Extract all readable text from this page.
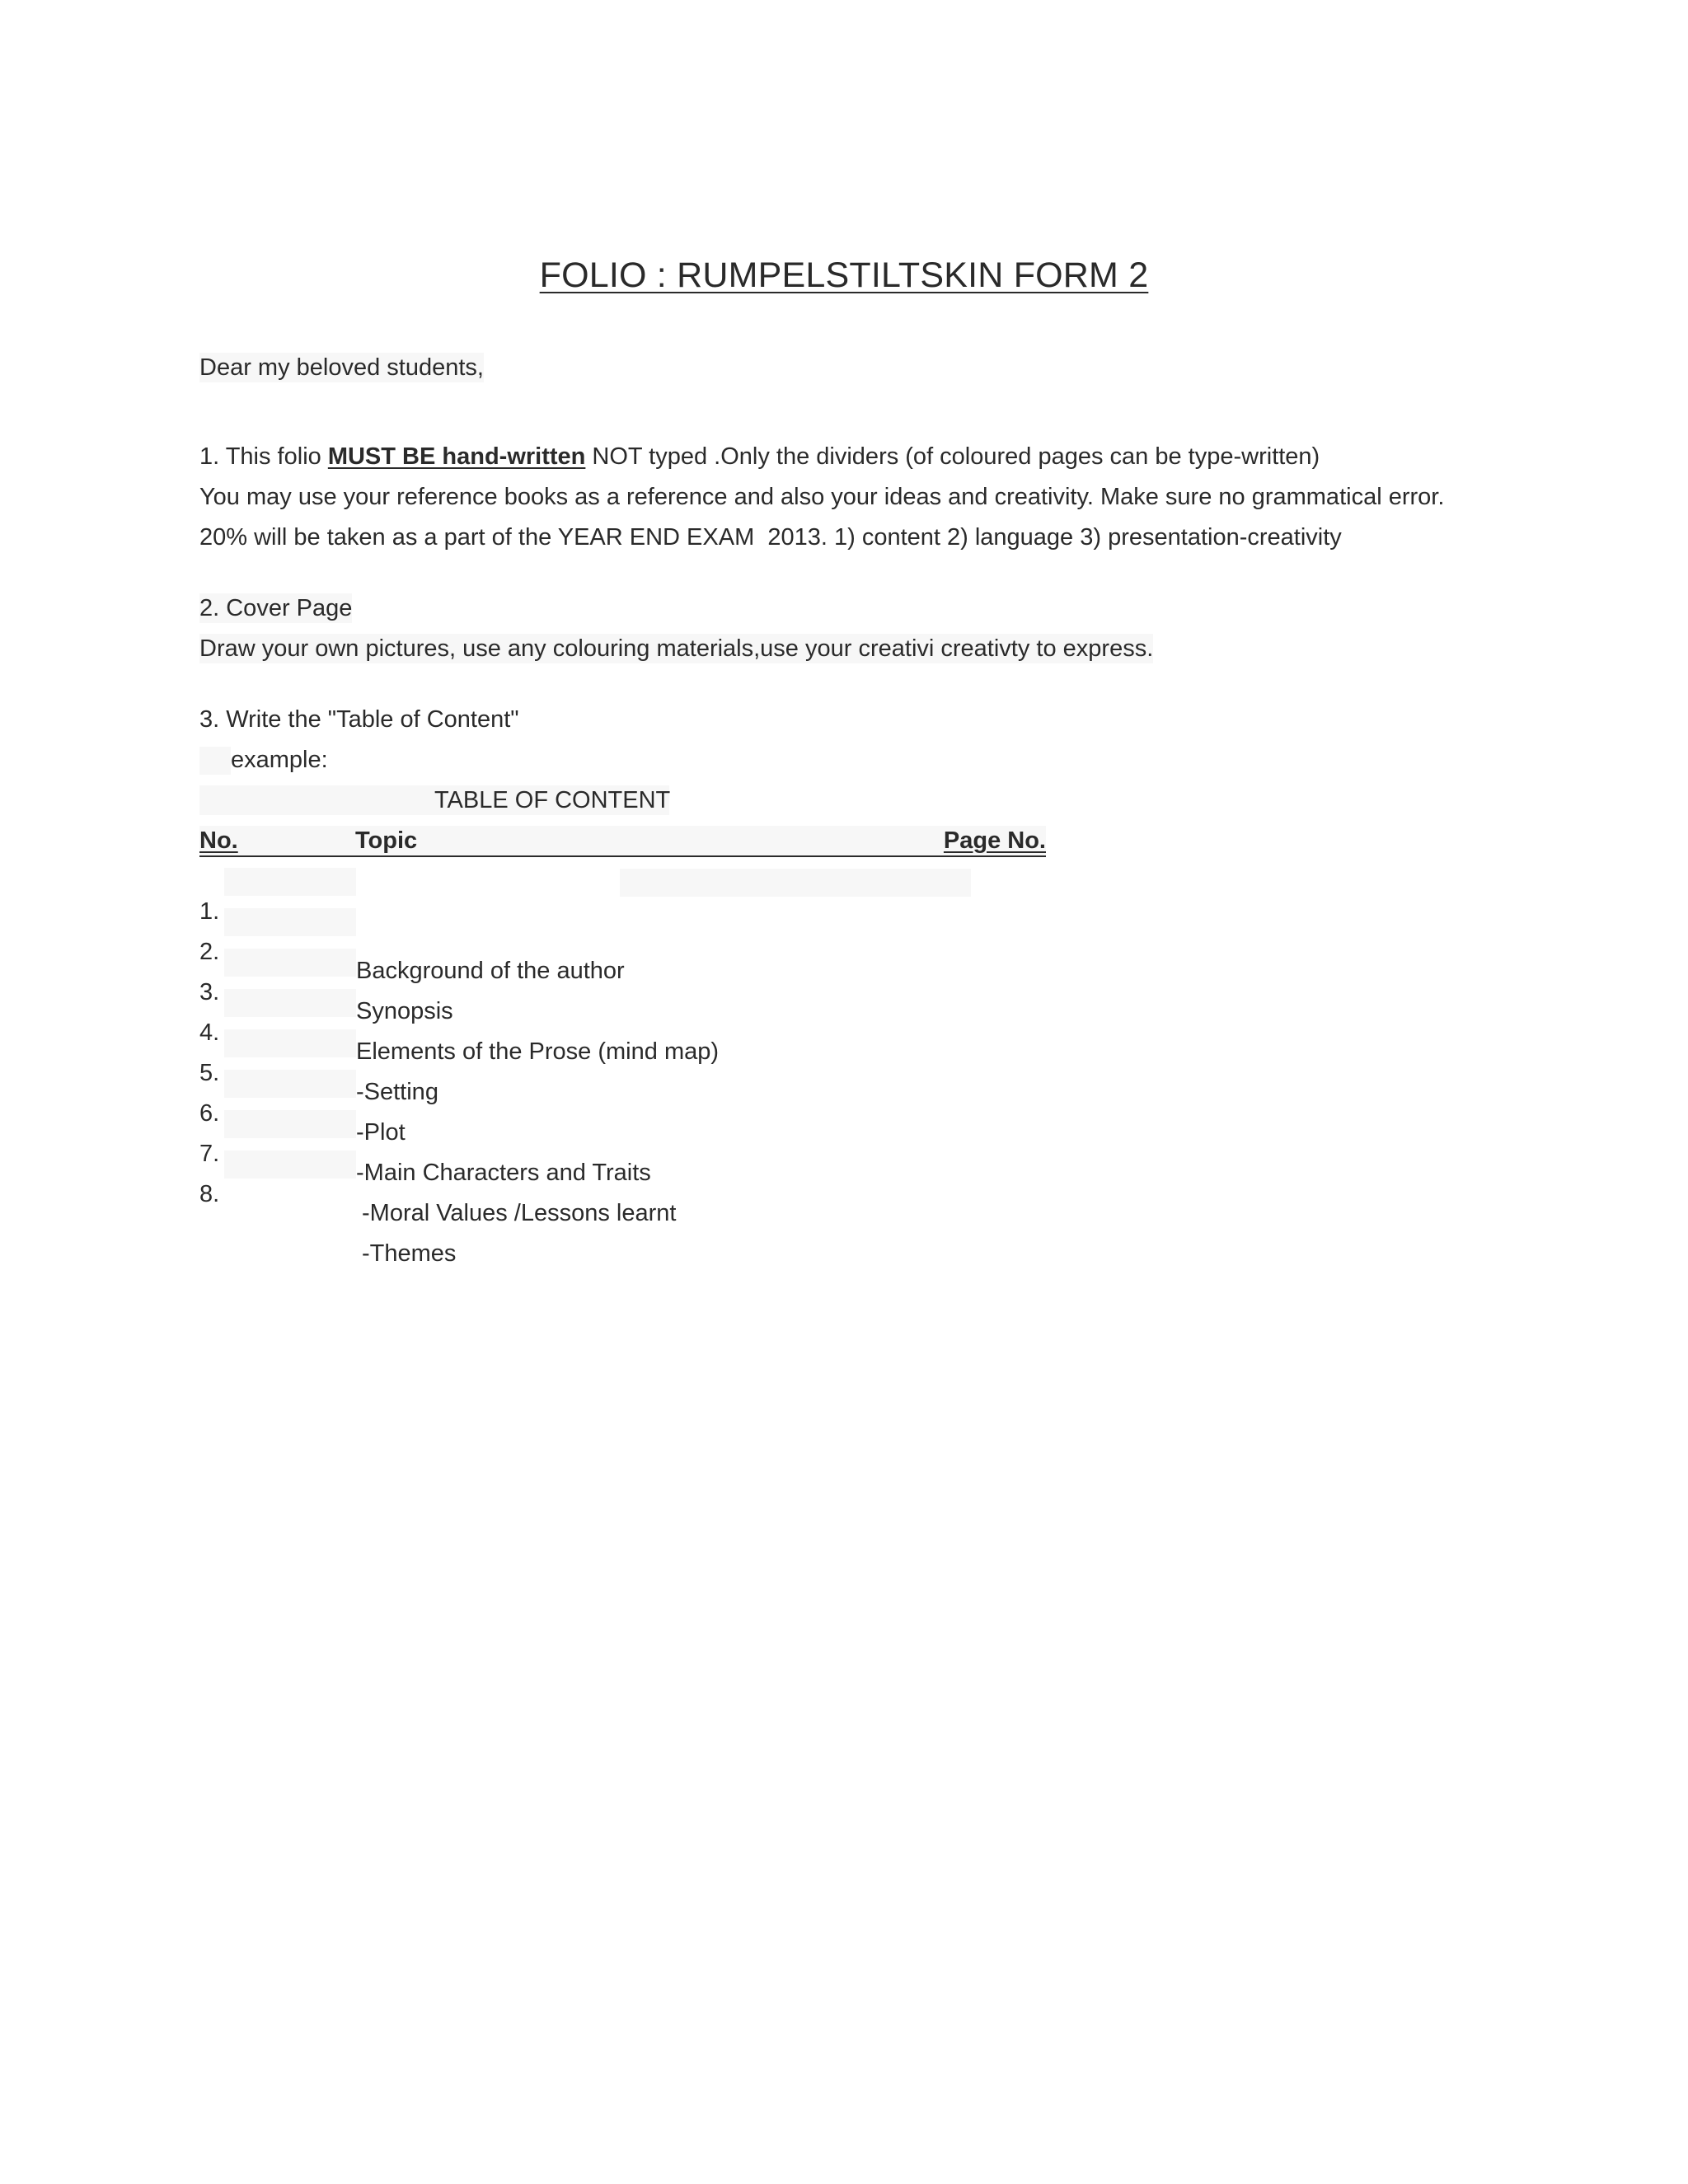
FOLIO : RUMPELSTILTSKIN FORM 2
Dear my beloved students,
1. This folio MUST BE hand-written NOT typed .Only the dividers (of coloured pages can be type-written)
You may use your reference books as a reference and also your ideas and creativity. Make sure no grammatical error.
20% will be taken as a part of the YEAR END EXAM  2013. 1) content 2) language 3) presentation-creativity
2. Cover Page
Draw your own pictures, use any colouring materials,use your creativi creativty to express.
3. Write the "Table of Content"
example:
TABLE OF CONTENT
No.	Topic	Page No.

1.

Background of the author

2.

Synopsis

3.

Elements of the Prose (mind map)

4.

-Setting

5.

-Plot

6.

-Main Characters and Traits

7.

-Moral Values /Lessons learnt

8.

-Themes
